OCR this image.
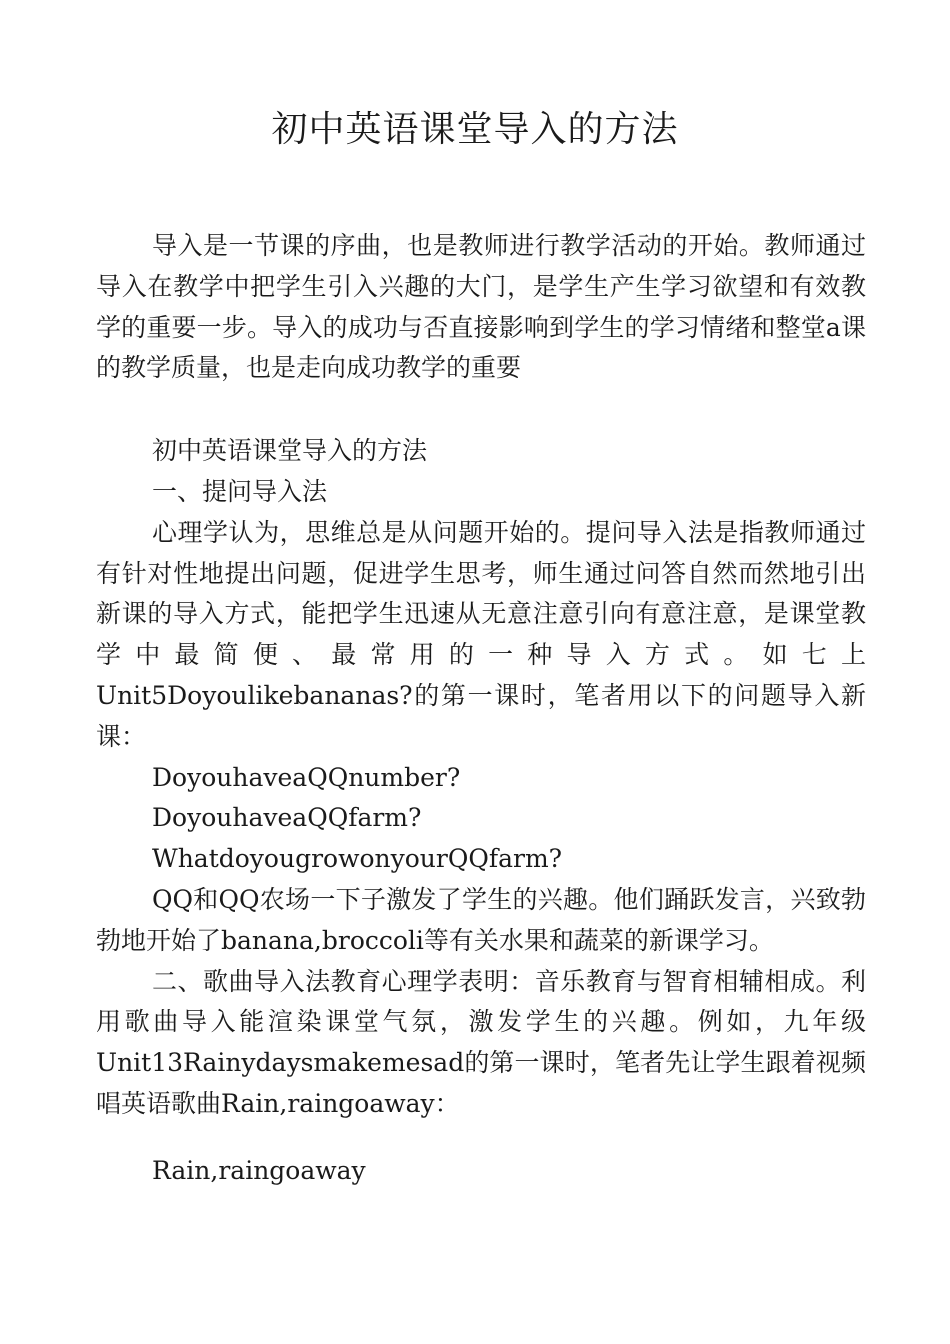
初中英语课堂导入的方法

导入是一节课的序曲，也是教师进行教学活动的开始。教师通过导入在教学中把学生引入兴趣的大门，是学生产生学习欲望和有效教学的重要一步。导入的成功与否直接影响到学生的学习情绪和整堂a课的教学质量，也是走向成功教学的重要

初中英语课堂导入的方法

一、提问导入法

心理学认为，思维总是从问题开始的。提问导入法是指教师通过有针对性地提出问题，促进学生思考，师生通过问答自然而然地引出新课的导入方式，能把学生迅速从无意注意引向有意注意，是课堂教学中最简便、最常用的一种导入方式。如七上Unit5Doyoulikebananas?的第一课时，笔者用以下的问题导入新课：

DoyouhaveaQQnumber?

DoyouhaveaQQfarm?

WhatdoyougrowonyourQQfarm?

QQ和QQ农场一下子激发了学生的兴趣。他们踊跃发言，兴致勃勃地开始了banana,broccoli等有关水果和蔬菜的新课学习。

二、歌曲导入法教育心理学表明：音乐教育与智育相辅相成。利用歌曲导入能渲染课堂气氛，激发学生的兴趣。例如，九年级Unit13Rainydaysmakemesad的第一课时，笔者先让学生跟着视频唱英语歌曲Rain,raingoaway：

Rain,raingoaway
